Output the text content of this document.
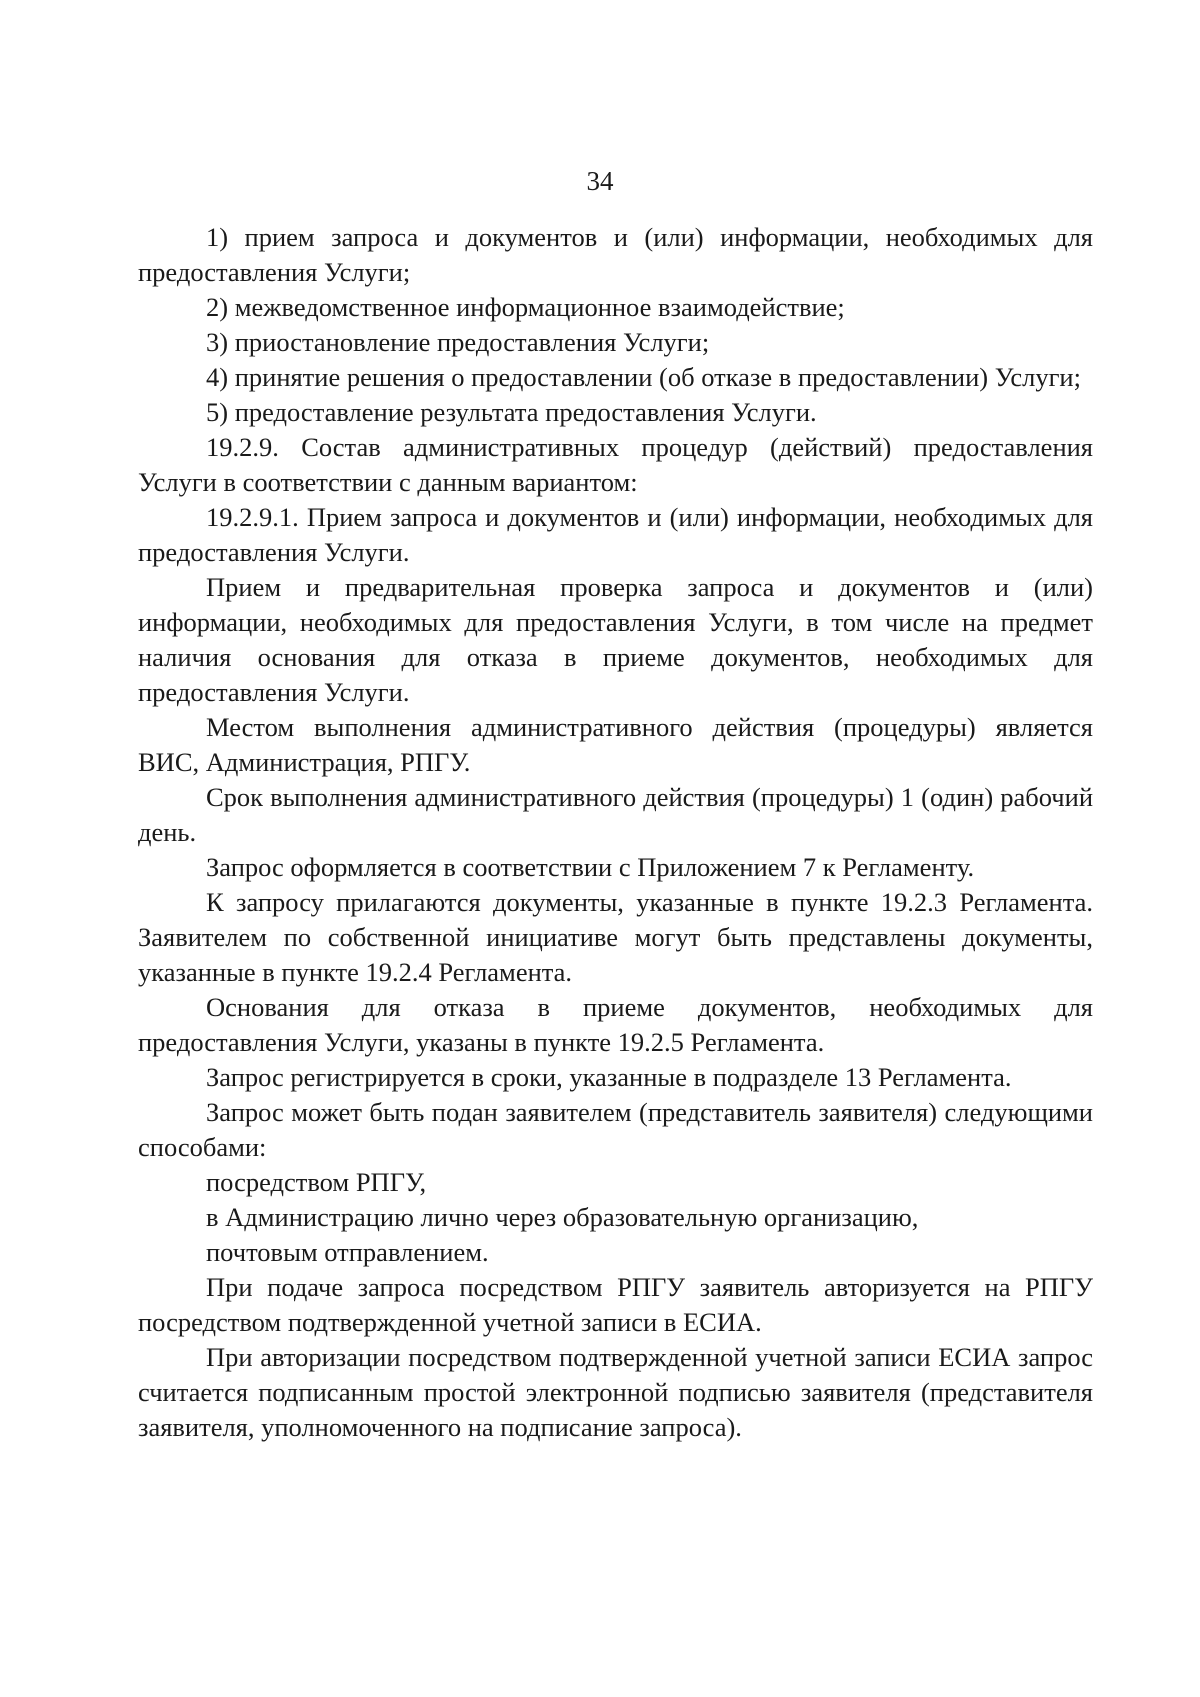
34

1) прием запроса и документов и (или) информации, необходимых для предоставления Услуги;

2) межведомственное информационное взаимодействие;

3) приостановление предоставления Услуги;

4) принятие решения о предоставлении (об отказе в предоставлении) Услуги;

5) предоставление результата предоставления Услуги.

19.2.9. Состав административных процедур (действий) предоставления Услуги в соответствии с данным вариантом:

19.2.9.1. Прием запроса и документов и (или) информации, необходимых для предоставления Услуги.

Прием и предварительная проверка запроса и документов и (или) информации, необходимых для предоставления Услуги, в том числе на предмет наличия основания для отказа в приеме документов, необходимых для предоставления Услуги.

Местом выполнения административного действия (процедуры) является ВИС, Администрация, РПГУ.

Срок выполнения административного действия (процедуры) 1 (один) рабочий день.

Запрос оформляется в соответствии с Приложением 7 к Регламенту.

К запросу прилагаются документы, указанные в пункте 19.2.3 Регламента. Заявителем по собственной инициативе могут быть представлены документы, указанные в пункте 19.2.4 Регламента.

Основания для отказа в приеме документов, необходимых для предоставления Услуги, указаны в пункте 19.2.5 Регламента.

Запрос регистрируется в сроки, указанные в подразделе 13 Регламента.

Запрос может быть подан заявителем (представитель заявителя) следующими способами:

посредством РПГУ,

в Администрацию лично через образовательную организацию,

почтовым отправлением.

При подаче запроса посредством РПГУ заявитель авторизуется на РПГУ посредством подтвержденной учетной записи в ЕСИА.

При авторизации посредством подтвержденной учетной записи ЕСИА запрос считается подписанным простой электронной подписью заявителя (представителя заявителя, уполномоченного на подписание запроса).
